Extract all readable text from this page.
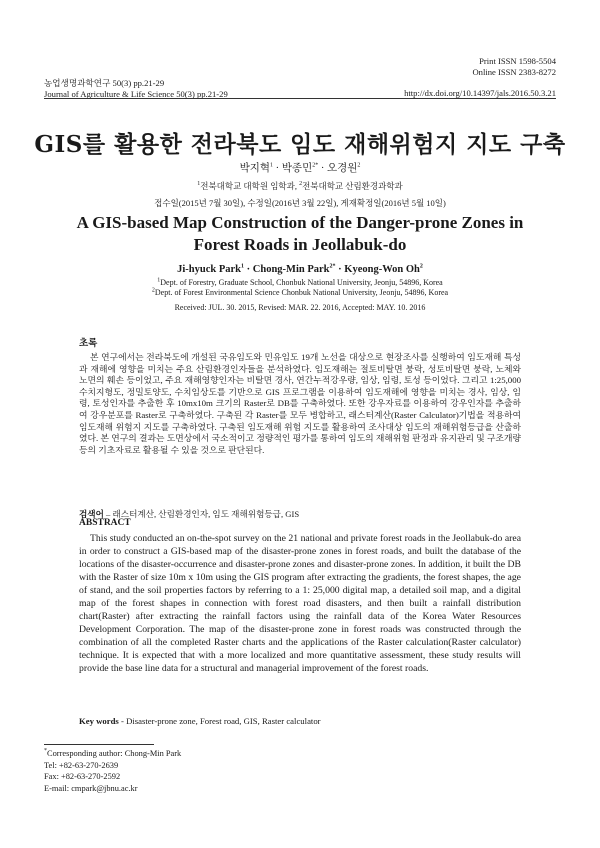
Print ISSN 1598-5504
Online ISSN 2383-8272
농업생명과학연구 50(3) pp.21-29
Journal of Agriculture & Life Science 50(3) pp.21-29	http://dx.doi.org/10.14397/jals.2016.50.3.21
GIS를 활용한 전라북도 임도 재해위험지 지도 구축
박지혁$^1$ · 박종민$^{2*}$ · 오경원$^2$
$^1$전북대학교 대학원 임학과, $^2$전북대학교 산림환경과학과
접수일(2015년 7월 30일), 수정일(2016년 3월 22일), 게재확정일(2016년 5월 10일)
A GIS-based Map Construction of the Danger-prone Zones in
Forest Roads in Jeollabuk-do
Ji-hyuck Park$^1$ · Chong-Min Park$^{2*}$ · Kyeong-Won Oh$^2$
$^1$Dept. of Forestry, Graduate School, Chonbuk National University, Jeonju, 54896, Korea
$^2$Dept. of Forest Environmental Science Chonbuk National University, Jeonju, 54896, Korea
Received: JUL. 30. 2015, Revised: MAR. 22. 2016, Accepted: MAY. 10. 2016
초록
본 연구에서는 전라북도에 개설된 국유임도와 민유임도 19개 노선을 대상으로 현장조사를 실행하여 임도재해 특성과 재해에 영향을 미치는 주요 산림환경인자들을 분석하였다. 임도재해는 절토비탈면 붕락, 성토비탈면 붕락, 노체와 노면의 훼손 등이었고, 주요 재해영향인자는 비탈면 경사, 연간누적강우량, 임상, 임령, 토성 등이었다. 그리고 1:25,000 수치지형도, 정밀토양도, 수치임상도를 기반으로 GIS 프로그램을 이용하여 임도재해에 영향을 미치는 경사, 임상, 임령, 토성인자를 추출한 후 10mx10m 크기의 Raster로 DB를 구축하였다. 또한 강우자료를 이용하여 강우인자를 추출하여 강우분포를 Raster로 구축하였다. 구축된 각 Raster를 모두 병합하고, 래스터계산(Raster Calculator)기법을 적용하여 임도재해 위험지 지도를 구축하였다. 구축된 임도재해 위험 지도를 활용하여 조사대상 임도의 재해위험등급을 산출하였다. 본 연구의 결과는 도면상에서 국소적이고 정량적인 평가를 통하여 임도의 재해위험 판정과 유지관리 및 구조개량 등의 기초자료로 활용될 수 있을 것으로 판단된다.
검색어 – 래스터계산, 산림환경인자, 임도 재해위험등급, GIS
ABSTRACT
This study conducted an on-the-spot survey on the 21 national and private forest roads in the Jeollabuk-do area in order to construct a GIS-based map of the disaster-prone zones in forest roads, and built the database of the locations of the disaster-occurrence and disaster-prone zones and disaster-prone zones. In addition, it built the DB with the Raster of size 10m x 10m using the GIS program after extracting the gradients, the forest shapes, the age of stand, and the soil properties factors by referring to a 1: 25,000 digital map, a detailed soil map, and a digital map of the forest shapes in connection with forest road disasters, and then built a rainfall distribution chart(Raster) after extracting the rainfall factors using the rainfall data of the Korea Water Resources Development Corporation. The map of the disaster-prone zone in forest roads was constructed through the combination of all the completed Raster charts and the applications of the Raster calculation(Raster calculator) technique. It is expected that with a more localized and more quantitative assessment, these study results will provide the base line data for a structural and managerial improvement of the forest roads.
Key words - Disaster-prone zone, Forest road, GIS, Raster calculator
*Corresponding author: Chong-Min Park
Tel: +82-63-270-2639
Fax: +82-63-270-2592
E-mail: cmpark@jbnu.ac.kr
